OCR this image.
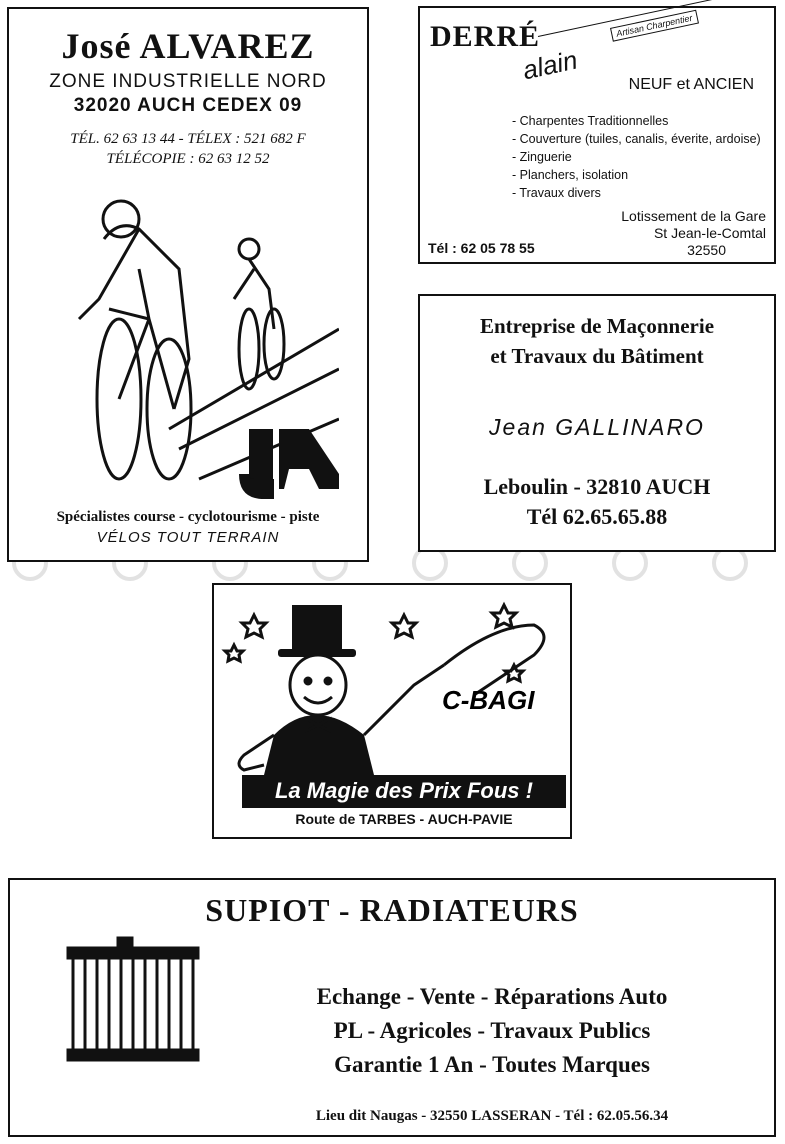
José ALVAREZ
ZONE INDUSTRIELLE NORD
32020 AUCH CEDEX 09
TÉL. 62 63 13 44 - TÉLEX : 521 682 F
TÉLÉCOPIE : 62 63 12 52
Spécialistes course - cyclotourisme - piste
VÉLOS TOUT TERRAIN
DERRÉ
alain
Artisan Charpentier
NEUF et ANCIEN
- Charpentes Traditionnelles
- Couverture (tuiles, canalis, éverite, ardoise)
- Zinguerie
- Planchers, isolation
- Travaux divers
Lotissement de la Gare
St Jean-le-Comtal

32550
Tél : 62 05 78 55
Entreprise de Maçonnerie
et Travaux du Bâtiment
Jean GALLINARO
Leboulin - 32810 AUCH
Tél 62.65.65.88
C-BAGI
La Magie des Prix Fous !
Route de TARBES - AUCH-PAVIE
SUPIOT - RADIATEURS
Echange - Vente - Réparations Auto
PL - Agricoles - Travaux Publics
Garantie 1 An - Toutes Marques
Lieu dit Naugas - 32550 LASSERAN - Tél : 62.05.56.34
